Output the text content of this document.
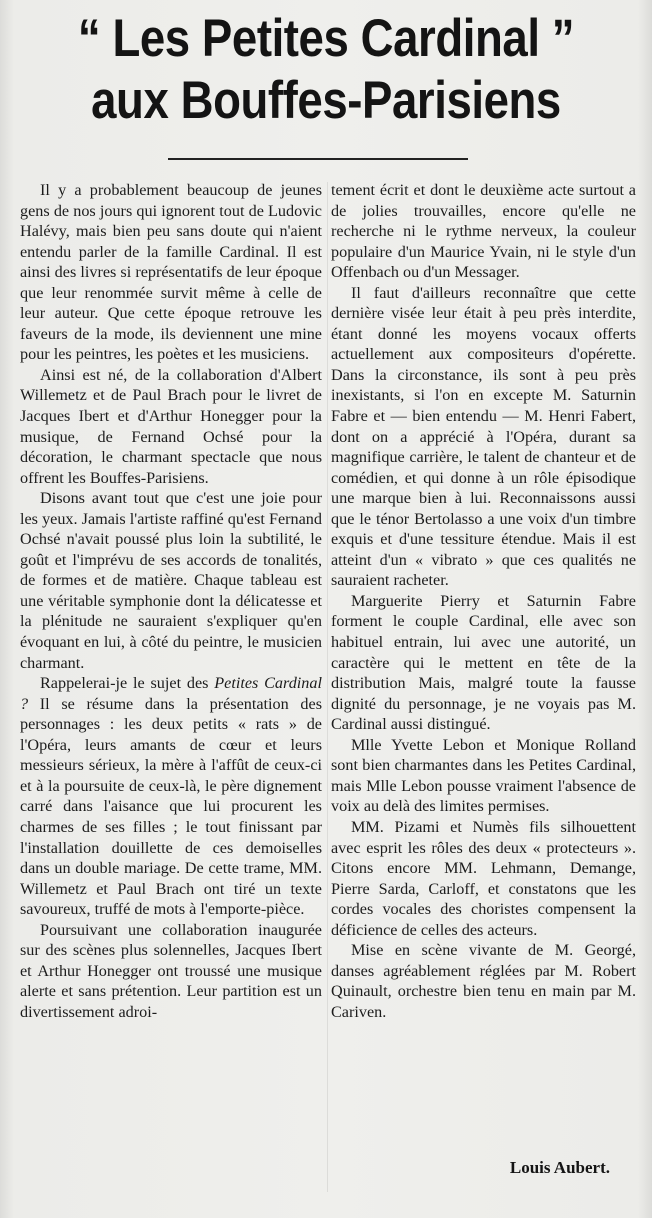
“ Les Petites Cardinal ”
aux Bouffes-Parisiens

Il y a probablement beaucoup de jeunes gens de nos jours qui ignorent tout de Ludovic Halévy, mais bien peu sans doute qui n'aient entendu parler de la famille Cardinal. Il est ainsi des livres si représentatifs de leur époque que leur renommée survit même à celle de leur auteur. Que cette époque retrouve les faveurs de la mode, ils deviennent une mine pour les peintres, les poètes et les musiciens.

Ainsi est né, de la collaboration d'Albert Willemetz et de Paul Brach pour le livret de Jacques Ibert et d'Arthur Honegger pour la musique, de Fernand Ochsé pour la décoration, le charmant spectacle que nous offrent les Bouffes-Parisiens.

Disons avant tout que c'est une joie pour les yeux. Jamais l'artiste raffiné qu'est Fernand Ochsé n'avait poussé plus loin la subtilité, le goût et l'imprévu de ses accords de tonalités, de formes et de matière. Chaque tableau est une véritable symphonie dont la délicatesse et la plénitude ne sauraient s'expliquer qu'en évoquant en lui, à côté du peintre, le musicien charmant.

Rappelerai-je le sujet des Petites Cardinal ? Il se résume dans la présentation des personnages : les deux petits « rats » de l'Opéra, leurs amants de cœur et leurs messieurs sérieux, la mère à l'affût de ceux-ci et à la poursuite de ceux-là, le père dignement carré dans l'aisance que lui procurent les charmes de ses filles ; le tout finissant par l'installation douillette de ces demoiselles dans un double mariage. De cette trame, MM. Willemetz et Paul Brach ont tiré un texte savoureux, truffé de mots à l'emporte-pièce.

Poursuivant une collaboration inaugurée sur des scènes plus solennelles, Jacques Ibert et Arthur Honegger ont troussé une musique alerte et sans prétention. Leur partition est un divertissement adroi-

tement écrit et dont le deuxième acte surtout a de jolies trouvailles, encore qu'elle ne recherche ni le rythme nerveux, la couleur populaire d'un Maurice Yvain, ni le style d'un Offenbach ou d'un Messager.

Il faut d'ailleurs reconnaître que cette dernière visée leur était à peu près interdite, étant donné les moyens vocaux offerts actuellement aux compositeurs d'opérette. Dans la circonstance, ils sont à peu près inexistants, si l'on en excepte M. Saturnin Fabre et — bien entendu — M. Henri Fabert, dont on a apprécié à l'Opéra, durant sa magnifique carrière, le talent de chanteur et de comédien, et qui donne à un rôle épisodique une marque bien à lui. Reconnaissons aussi que le ténor Bertolasso a une voix d'un timbre exquis et d'une tessiture étendue. Mais il est atteint d'un « vibrato » que ces qualités ne sauraient racheter.

Marguerite Pierry et Saturnin Fabre forment le couple Cardinal, elle avec son habituel entrain, lui avec une autorité, un caractère qui le mettent en tête de la distribution Mais, malgré toute la fausse dignité du personnage, je ne voyais pas M. Cardinal aussi distingué.

Mlle Yvette Lebon et Monique Rolland sont bien charmantes dans les Petites Cardinal, mais Mlle Lebon pousse vraiment l'absence de voix au delà des limites permises.

MM. Pizami et Numès fils silhouettent avec esprit les rôles des deux « protecteurs ». Citons encore MM. Lehmann, Demange, Pierre Sarda, Carloff, et constatons que les cordes vocales des choristes compensent la déficience de celles des acteurs.

Mise en scène vivante de M. Georgé, danses agréablement réglées par M. Robert Quinault, orchestre bien tenu en main par M. Cariven.

Louis Aubert.
